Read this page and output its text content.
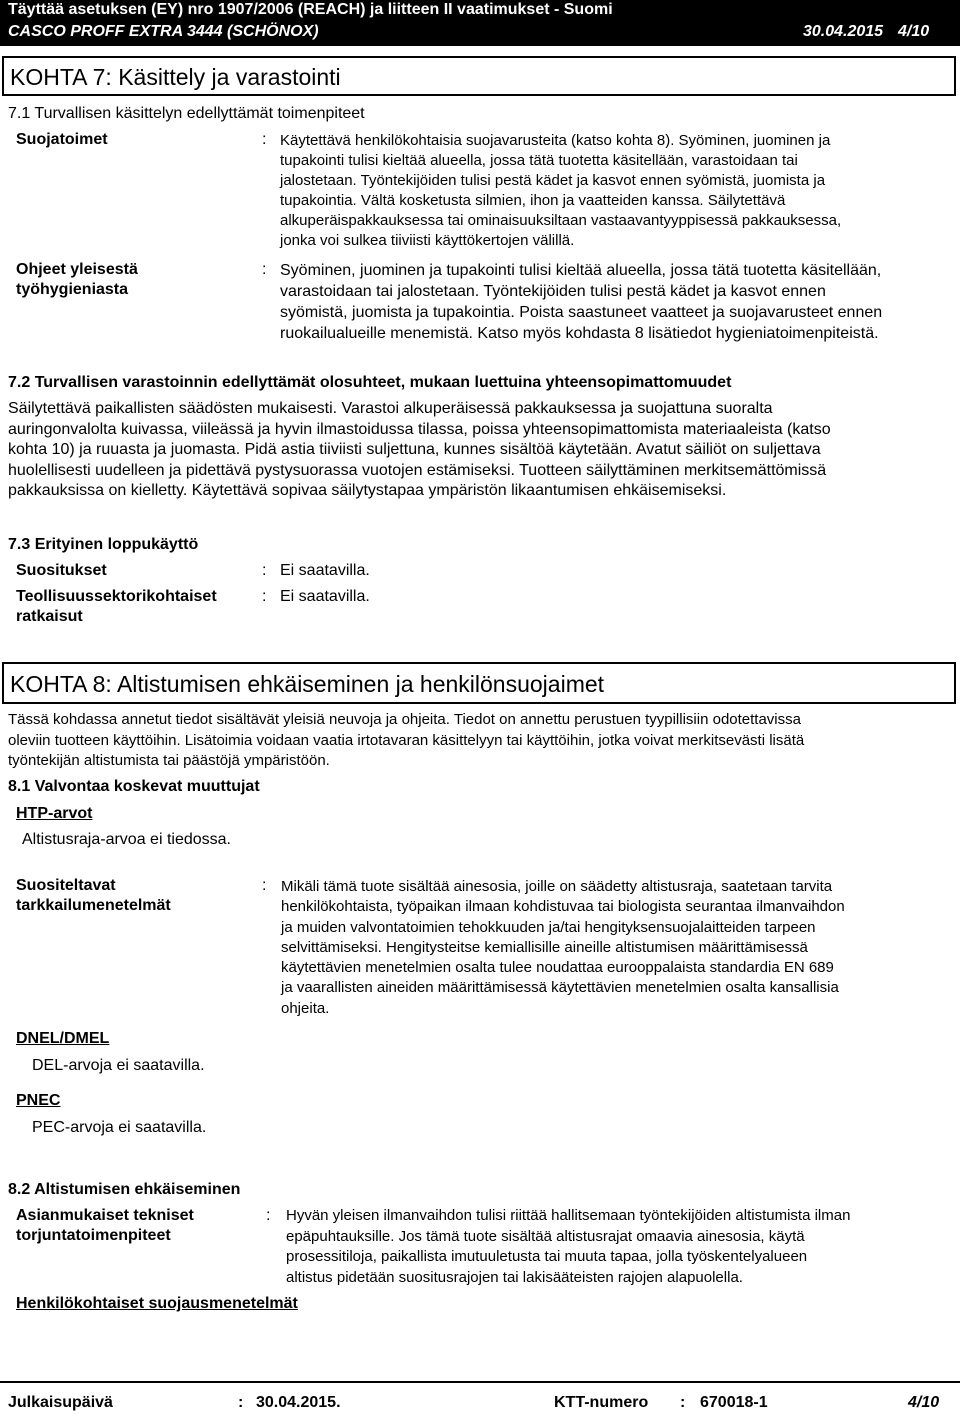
Täyttää asetuksen (EY) nro 1907/2006 (REACH) ja liitteen II vaatimukset - Suomi
CASCO PROFF EXTRA 3444 (SCHÖNOX)	30.04.2015 4/10
KOHTA 7: Käsittely ja varastointi
7.1 Turvallisen käsittelyn edellyttämät toimenpiteet
Suojatoimet	: Käytettävä henkilökohtaisia suojavarusteita (katso kohta 8). Syöminen, juominen ja
tupakointi tulisi kieltää alueella, jossa tätä tuotetta käsitellään, varastoidaan tai
jalostetaan. Työntekijöiden tulisi pestä kädet ja kasvot ennen syömistä, juomista ja
tupakointia. Vältä kosketusta silmien, ihon ja vaatteiden kanssa. Säilytettävä
alkuperäispakkauksessa tai ominaisuuksiltaan vastaavantyyppisessä pakkauksessa,
jonka voi sulkea tiiviisti käyttökertojen välillä.
Ohjeet yleisestä
työhygieniasta
: Syöminen, juominen ja tupakointi tulisi kieltää alueella, jossa tätä tuotetta käsitellään,
varastoidaan tai jalostetaan. Työntekijöiden tulisi pestä kädet ja kasvot ennen
syömistä, juomista ja tupakointia. Poista saastuneet vaatteet ja suojavarusteet ennen
ruokailualueille menemistä. Katso myös kohdasta 8 lisätiedot hygieniatoimenpiteistä.
7.2 Turvallisen varastoinnin edellyttämät olosuhteet, mukaan luettuina yhteensopimattomuudet
Säilytettävä paikallisten säädösten mukaisesti. Varastoi alkuperäisessä pakkauksessa ja suojattuna suoralta
auringonvalolta kuivassa, viileässä ja hyvin ilmastoidussa tilassa, poissa yhteensopimattomista materiaaleista (katso
kohta 10) ja ruuasta ja juomasta. Pidä astia tiiviisti suljettuna, kunnes sisältöä käytetään. Avatut säiliöt on suljettava
huolellisesti uudelleen ja pidettävä pystysuorassa vuotojen estämiseksi. Tuotteen säilyttäminen merkitsemättömissä
pakkauksissa on kielletty. Käytettävä sopivaa säilytystapaa ympäristön likaantumisen ehkäisemiseksi.
7.3 Erityinen loppukäyttö
Suositukset	: Ei saatavilla.
Teollisuussektorikohtaiset
ratkaisut
: Ei saatavilla.
KOHTA 8: Altistumisen ehkäiseminen ja henkilönsuojaimet
Tässä kohdassa annetut tiedot sisältävät yleisiä neuvoja ja ohjeita. Tiedot on annettu perustuen tyypillisiin odotettavissa
oleviin tuotteen käyttöihin. Lisätoimia voidaan vaatia irtotavaran käsittelyyn tai käyttöihin, jotka voivat merkitsevästi lisätä
työntekijän altistumista tai päästöjä ympäristöön.
8.1 Valvontaa koskevat muuttujat
HTP-arvot
Altistusraja-arvoa ei tiedossa.
Suositeltavat
tarkkailumenetelmät
: Mikäli tämä tuote sisältää ainesosia, joille on säädetty altistusraja, saatetaan tarvita
henkilökohtaista, työpaikan ilmaan kohdistuvaa tai biologista seurantaa ilmanvaihdon
ja muiden valvontatoimien tehokkuuden ja/tai hengityksensuojalaitteiden tarpeen
selvittämiseksi. Hengitysteitse kemiallisille aineille altistumisen määrittämisessä
käytettävien menetelmien osalta tulee noudattaa eurooppalaista standardia EN 689
ja vaarallisten aineiden määrittämisessä käytettävien menetelmien osalta kansallisia
ohjeita.
DNEL/DMEL
DEL-arvoja ei saatavilla.
PNEC
PEC-arvoja ei saatavilla.
8.2 Altistumisen ehkäiseminen
Asianmukaiset tekniset
torjuntatoimenpiteet
: Hyvän yleisen ilmanvaihdon tulisi riittää hallitsemaan työntekijöiden altistumista ilman
epäpuhtauksille. Jos tämä tuote sisältää altistusrajat omaavia ainesosia, käytä
prosessitiloja, paikallista imutuuletusta tai muuta tapaa, jolla työskentelyalueen
altistus pidetään suositusrajojen tai lakisääteisten rajojen alapuolella.
Henkilökohtaiset suojausmenetelmät
Julkaisupäivä	: 30.04.2015.	KTT-numero : 670018-1	4/10
